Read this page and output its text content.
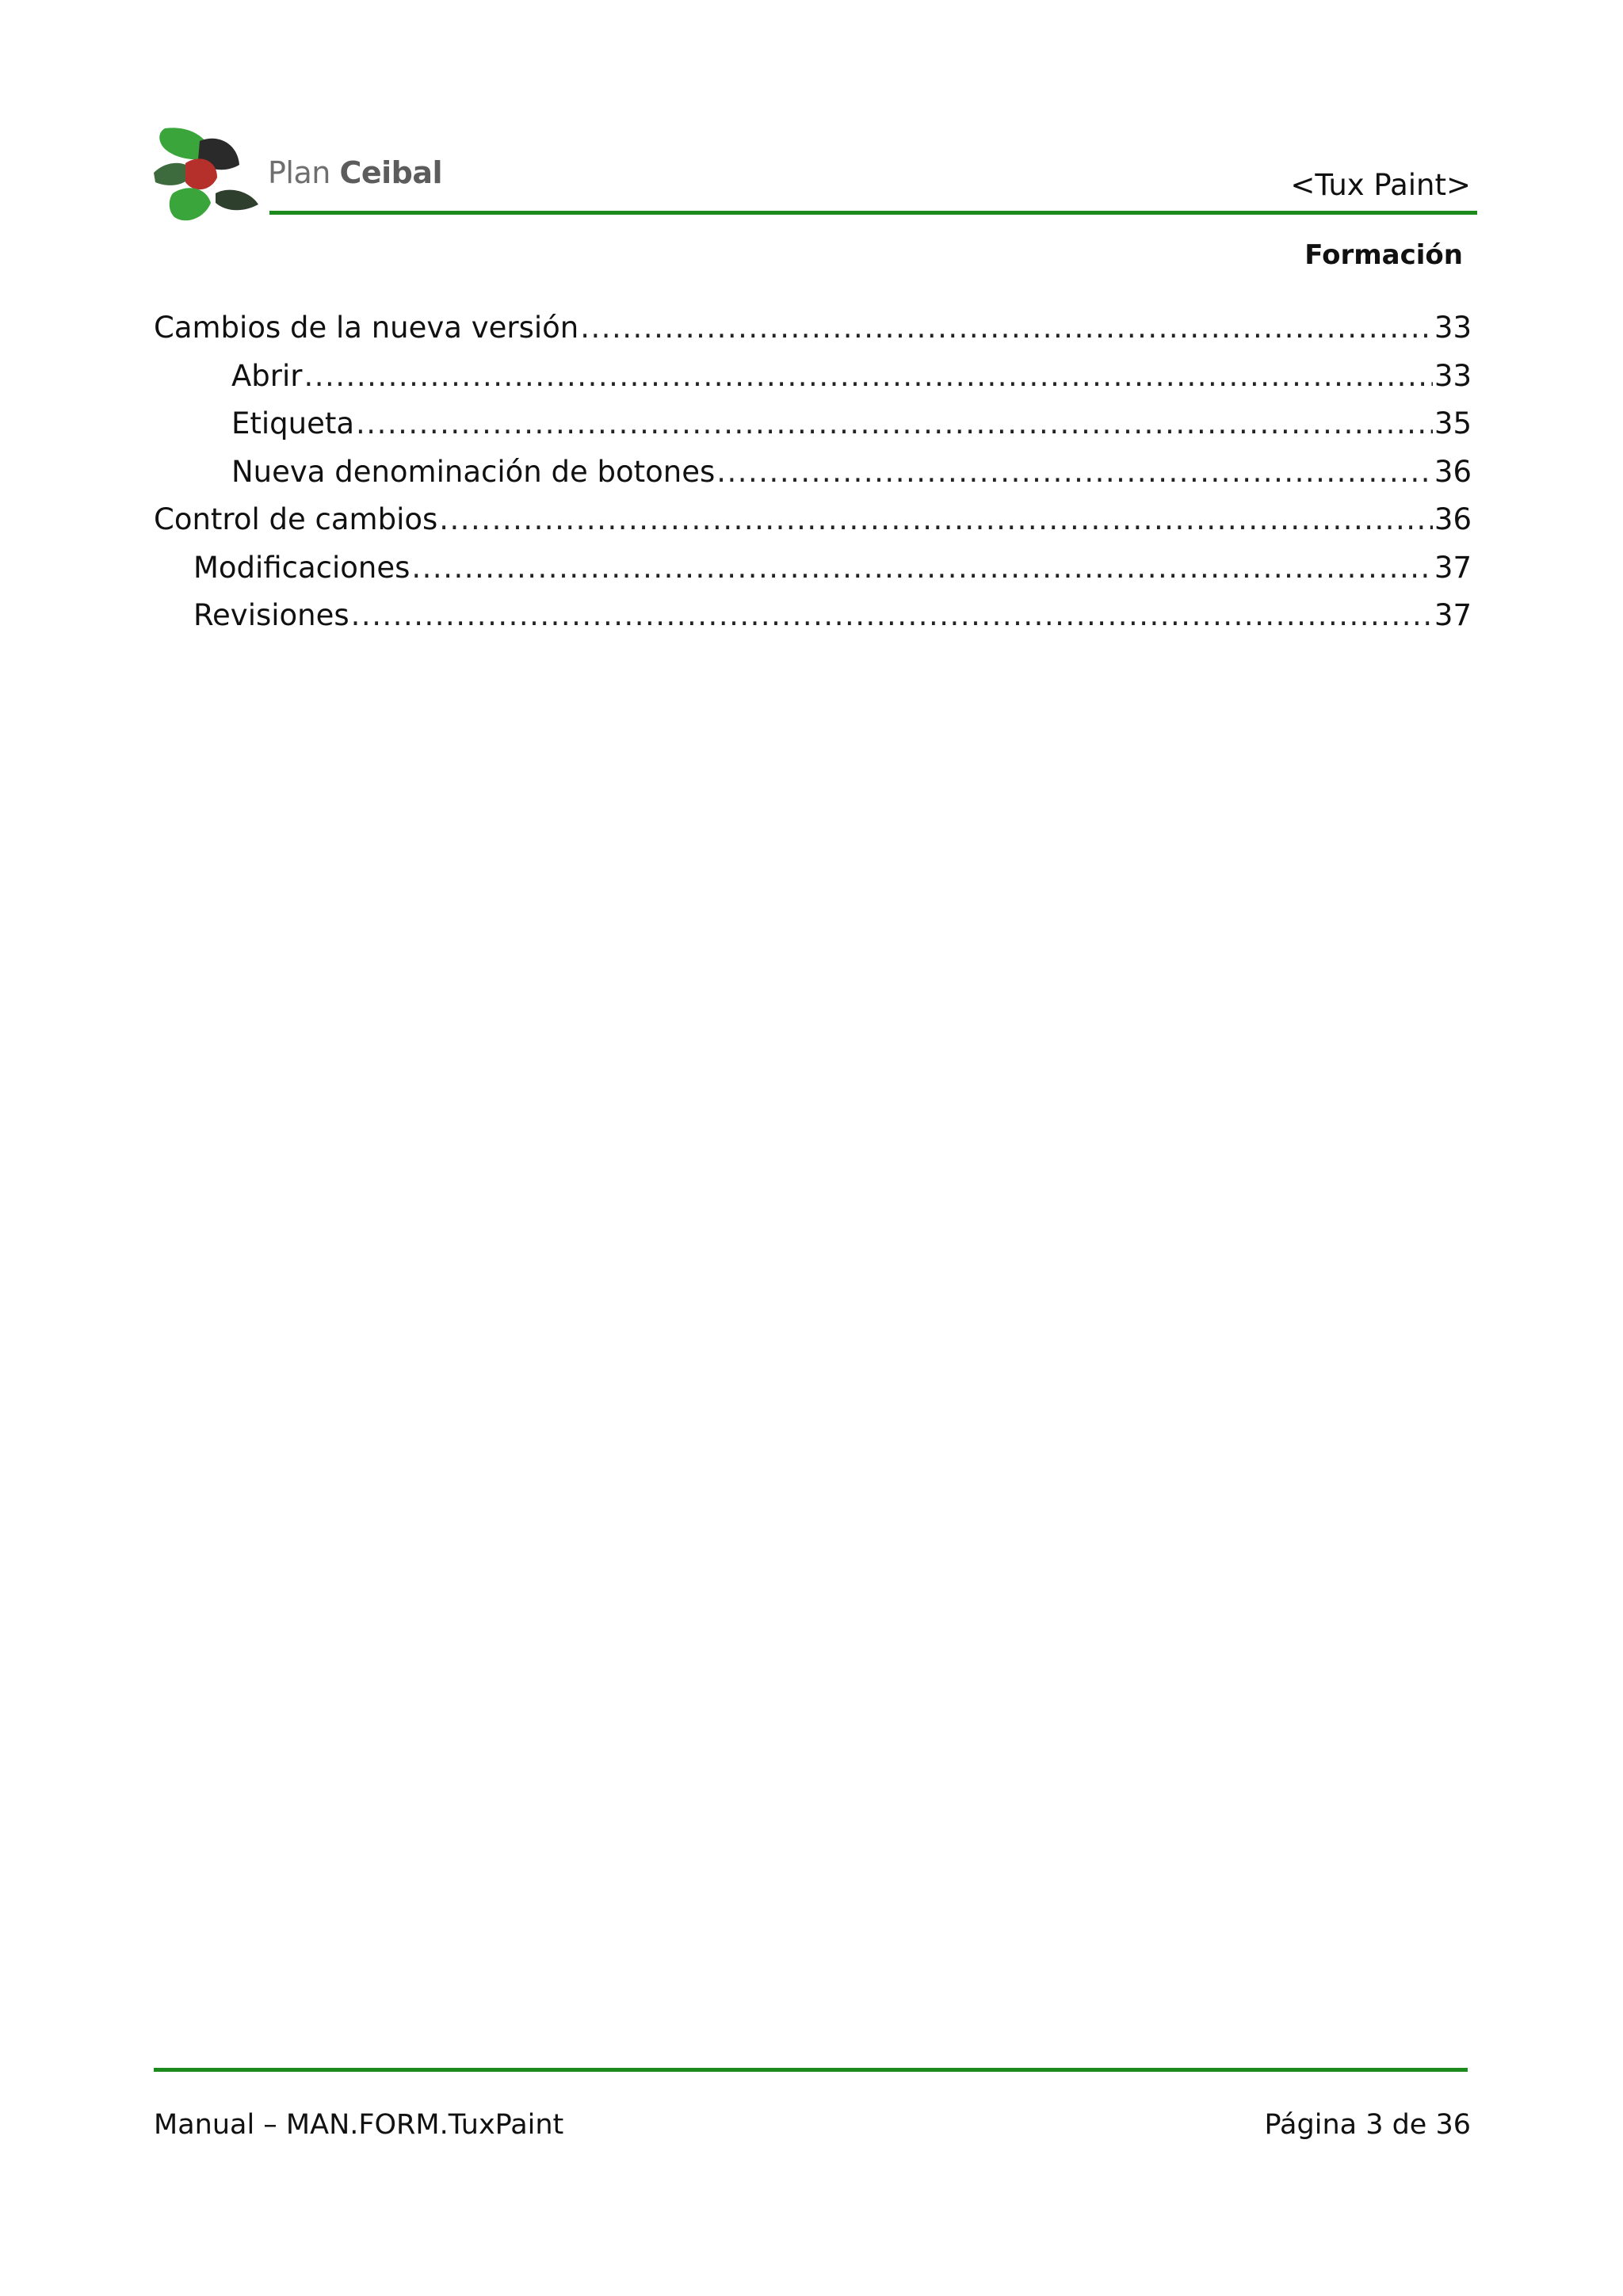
Plan Ceibal	<Tux Paint>
Formación
Cambios de la nueva versión .....	33
Abrir .....	33
Etiqueta .....	35
Nueva denominación de botones .....	36
Control de cambios .....	36
Modificaciones .....	37
Revisiones .....	37
Manual – MAN.FORM.TuxPaint	Página 3 de 36
